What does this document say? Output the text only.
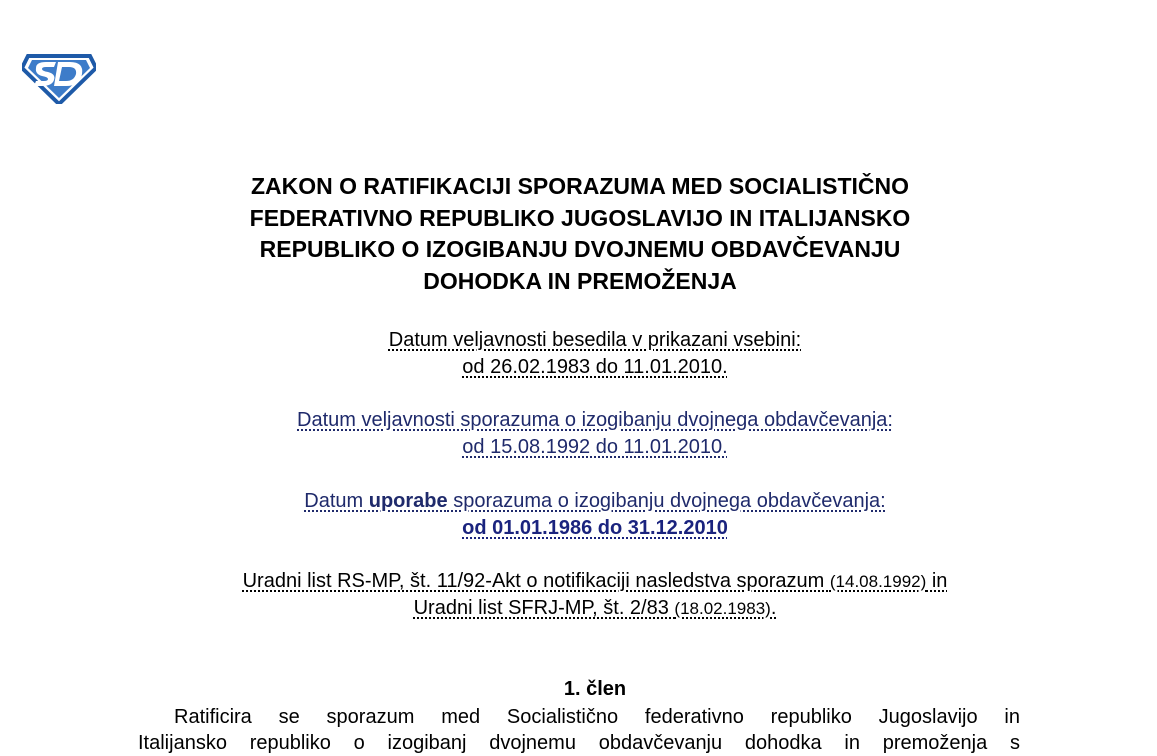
ZAKON O RATIFIKACIJI SPORAZUMA MED SOCIALISTIČNO
FEDERATIVNO REPUBLIKO JUGOSLAVIJO IN ITALIJANSKO
REPUBLIKO O IZOGIBANJU DVOJNEMU OBDAVČEVANJU
DOHODKA IN PREMOŽENJA
Datum veljavnosti besedila v prikazani vsebini:
od 26.02.1983 do 11.01.2010.
Datum veljavnosti sporazuma o izogibanju dvojnega obdavčevanja:
od 15.08.1992 do 11.01.2010.
Datum uporabe sporazuma o izogibanju dvojnega obdavčevanja:
od 01.01.1986 do 31.12.2010
Uradni list RS-MP, št. 11/92-Akt o notifikaciji nasledstva sporazum (14.08.1992) in
Uradni list SFRJ-MP, št. 2/83 (18.02.1983).
1. člen

Ratificira se sporazum med Socialistično federativno republiko Jugoslavijo in
Italijansko republiko o izogibanj dvojnemu obdavčevanju dohodka in premoženja s
